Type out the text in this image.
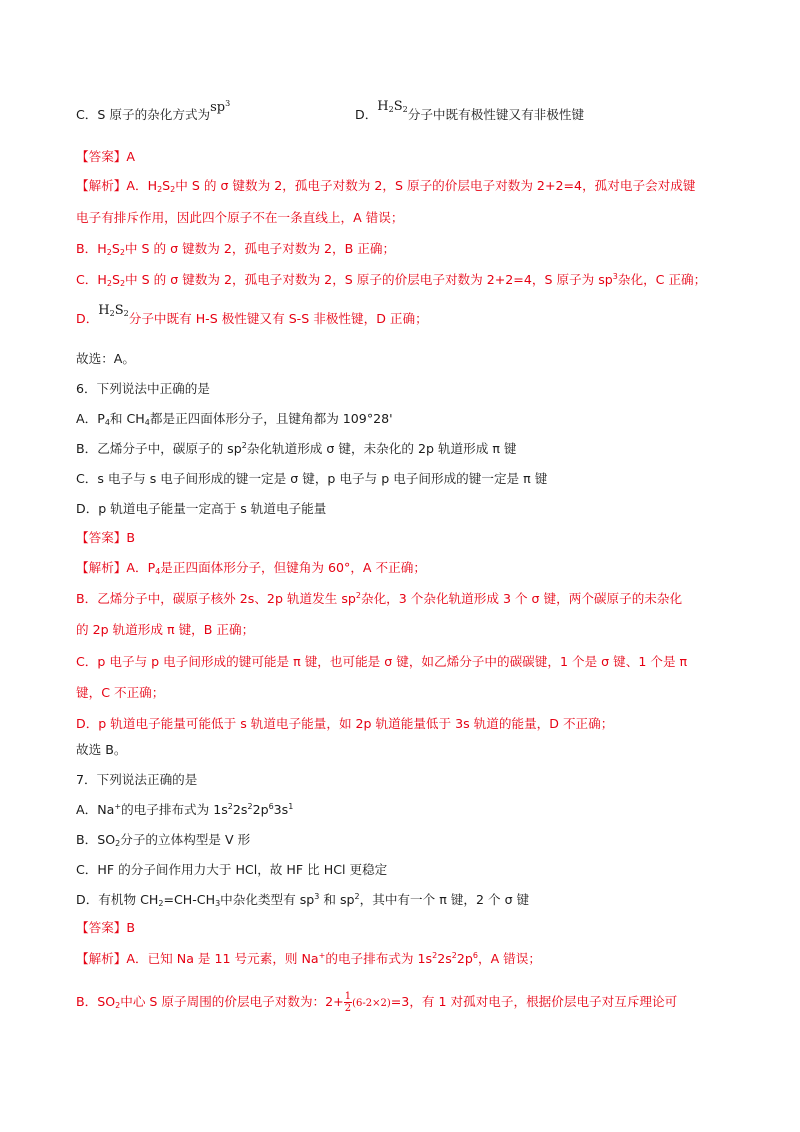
C．S 原子的杂化方式为$sp^3$
D．$H_2S_2$分子中既有极性键又有非极性键
【答案】A
【解析】A．$H_2S_2$中 S 的 σ 键数为 2，孤电子对数为 2，S 原子的价层电子对数为 2+2=4，孤对电子会对成键
电子有排斥作用，因此四个原子不在一条直线上，A 错误；
B．$H_2S_2$中 S 的 σ 键数为 2，孤电子对数为 2，B 正确；
C．$H_2S_2$中 S 的 σ 键数为 2，孤电子对数为 2，S 原子的价层电子对数为 2+2=4，S 原子为 $sp^3$杂化，C 正确；
D．$H_2S_2$分子中既有 H-S 极性键又有 S-S 非极性键，D 正确；
故选：A。
6．下列说法中正确的是
A．$P_4$和 $CH_4$都是正四面体形分子，且键角都为 109°28'
B．乙烯分子中，碳原子的 $sp^2$杂化轨道形成 σ 键，未杂化的 2p 轨道形成 π 键
C．s 电子与 s 电子间形成的键一定是 σ 键，p 电子与 p 电子间形成的键一定是 π 键
D．p 轨道电子能量一定高于 s 轨道电子能量
【答案】B
【解析】A．$P_4$是正四面体形分子，但键角为 60°，A 不正确；
B．乙烯分子中，碳原子核外 2s、2p 轨道发生 $sp^2$杂化，3 个杂化轨道形成 3 个 σ 键，两个碳原子的未杂化
的 2p 轨道形成 π 键，B 正确；
C．p 电子与 p 电子间形成的键可能是 π 键，也可能是 σ 键，如乙烯分子中的碳碳键，1 个是 σ 键、1 个是 π
键，C 不正确；
D．p 轨道电子能量可能低于 s 轨道电子能量，如 2p 轨道能量低于 3s 轨道的能量，D 不正确；
故选 B。
7．下列说法正确的是
A．Na+的电子排布式为 $1s^22s^22p^63s^1$
B．$SO_2$分子的立体构型是 V 形
C．HF 的分子间作用力大于 HCl，故 HF 比 HCl 更稳定
D．有机物 $CH_2=CH-CH_3$中杂化类型有 $sp^3$ 和 $sp^2$，其中有一个 π 键，2 个 σ 键
【答案】B
【解析】A．已知 Na 是 11 号元素，则 Na+的电子排布式为 $1s^22s^22p^6$，A 错误；
B．$SO_2$中心 S 原子周围的价层电子对数为：$2+ \frac{1}{2} (6-2\times 2)=3$，有 1 对孤对电子，根据价层电子对互斥理论可
